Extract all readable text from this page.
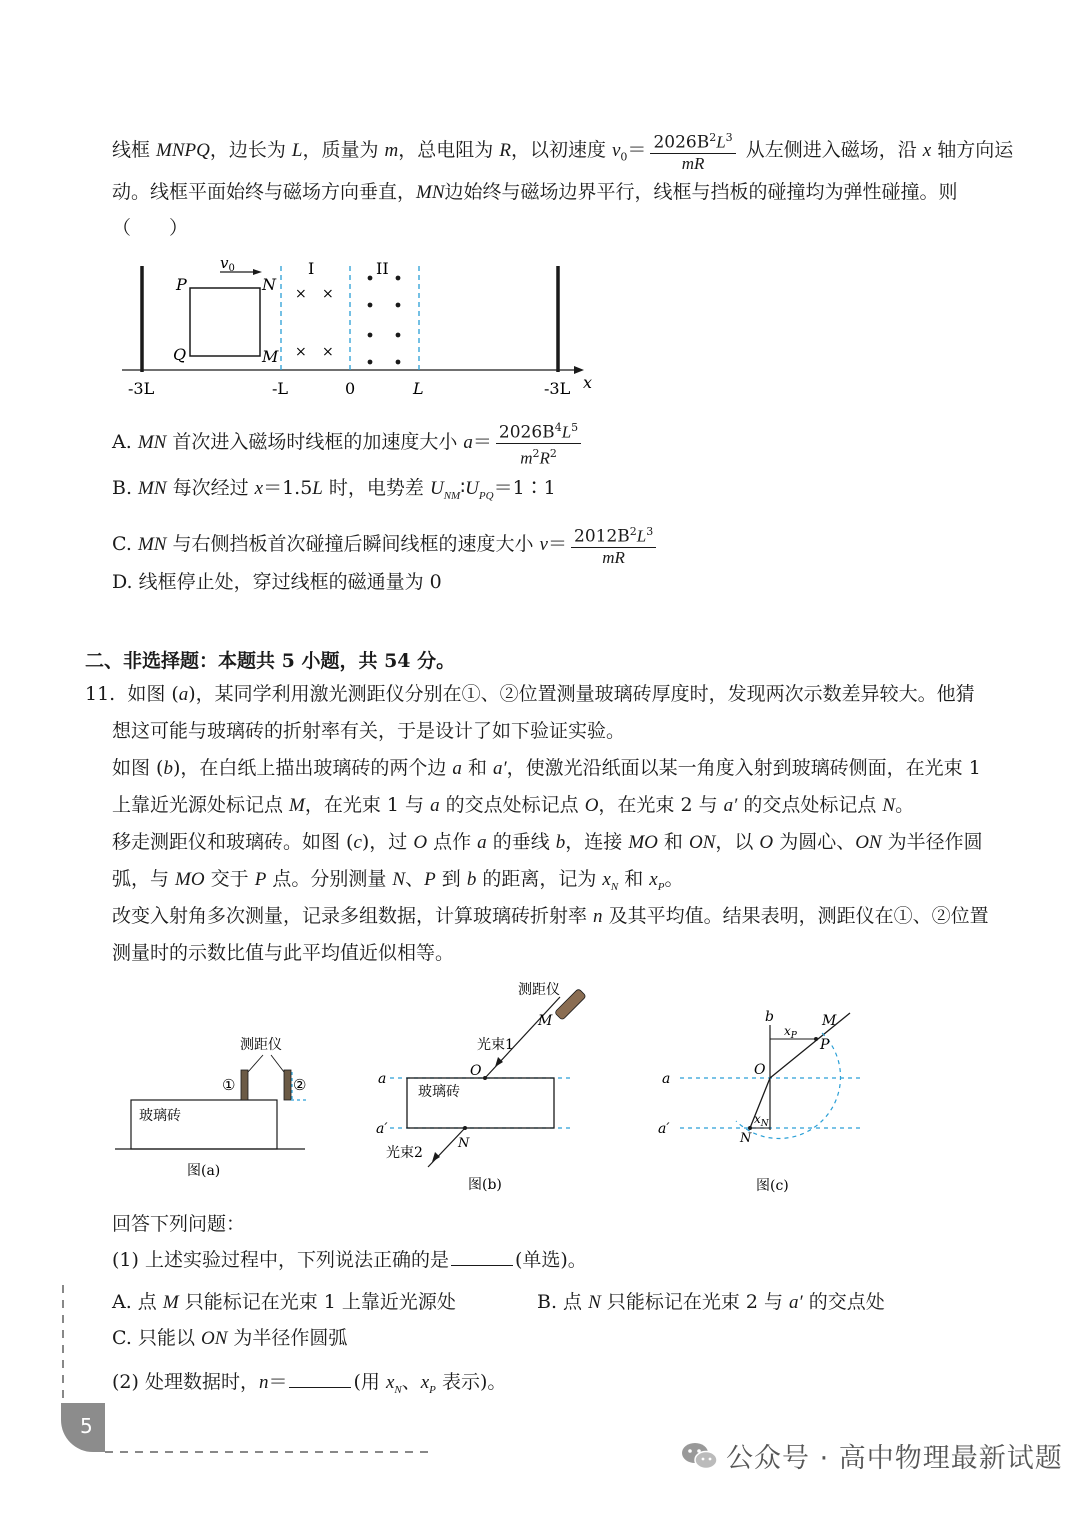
线框 MNPQ，边长为 L，质量为 m，总电阻为 R，以初速度 $v_0= \frac{2026B^2L^3}{mR}$ 从左侧进入磁场，沿 x 轴方向运
动。线框平面始终与磁场方向垂直，MN边始终与磁场边界平行，线框与挡板的碰撞均为弹性碰撞。则
（　　）
$v_0$
P	N
Q	M
I	II
× ×
× ×
-3L	-L	0	L	-3L x
A. MN 首次进入磁场时线框的加速度大小 $a= \frac{2026B^4L^5}{m^2R^2}$
B. MN 每次经过 x＝1.5L 时，电势差 $U_{NM}∶U_{PQ}=1∶1$
C. MN 与右侧挡板首次碰撞后瞬间线框的速度大小 $v= \frac{2012B^2L^3}{mR}$
D. 线框停止处，穿过线框的磁通量为 0
二、非选择题：本题共 5 小题，共 54 分。
11. 如图 (a)，某同学利用激光测距仪分别在①、②位置测量玻璃砖厚度时，发现两次示数差异较大。他猜
想这可能与玻璃砖的折射率有关，于是设计了如下验证实验。
如图 (b)，在白纸上描出玻璃砖的两个边 a 和 a′，使激光沿纸面以某一角度入射到玻璃砖侧面，在光束 1
上靠近光源处标记点 M，在光束 1 与 a 的交点处标记点 O，在光束 2 与 a′ 的交点处标记点 N。
移走测距仪和玻璃砖。如图 (c)，过 O 点作 a 的垂线 b，连接 MO 和 ON，以 O 为圆心、ON 为半径作圆
弧，与 MO 交于 P 点。分别测量 N、P 到 b 的距离，记为 $x_N$ 和 $x_P$。
改变入射角多次测量，记录多组数据，计算玻璃砖折射率 n 及其平均值。结果表明，测距仪在①、②位置
测量时的示数比值与此平均值近似相等。
玻璃砖
测距仪
①	②
图(a)
玻璃砖
a
a′
测距仪
M
光束1
O
N
光束2
图(b)
b	M
$x_P$
P
O
a
a′
$x_N$
N
图(c)
回答下列问题：
(1) 上述实验过程中，下列说法正确的是	(单选)。
A. 点 M 只能标记在光束 1 上靠近光源处	B. 点 N 只能标记在光束 2 与 a′ 的交点处
C. 只能以 ON 为半径作圆弧
(2) 处理数据时，n＝	(用 $x_N$、$x_P$ 表示)。
5
公众号 · 高中物理最新试题
